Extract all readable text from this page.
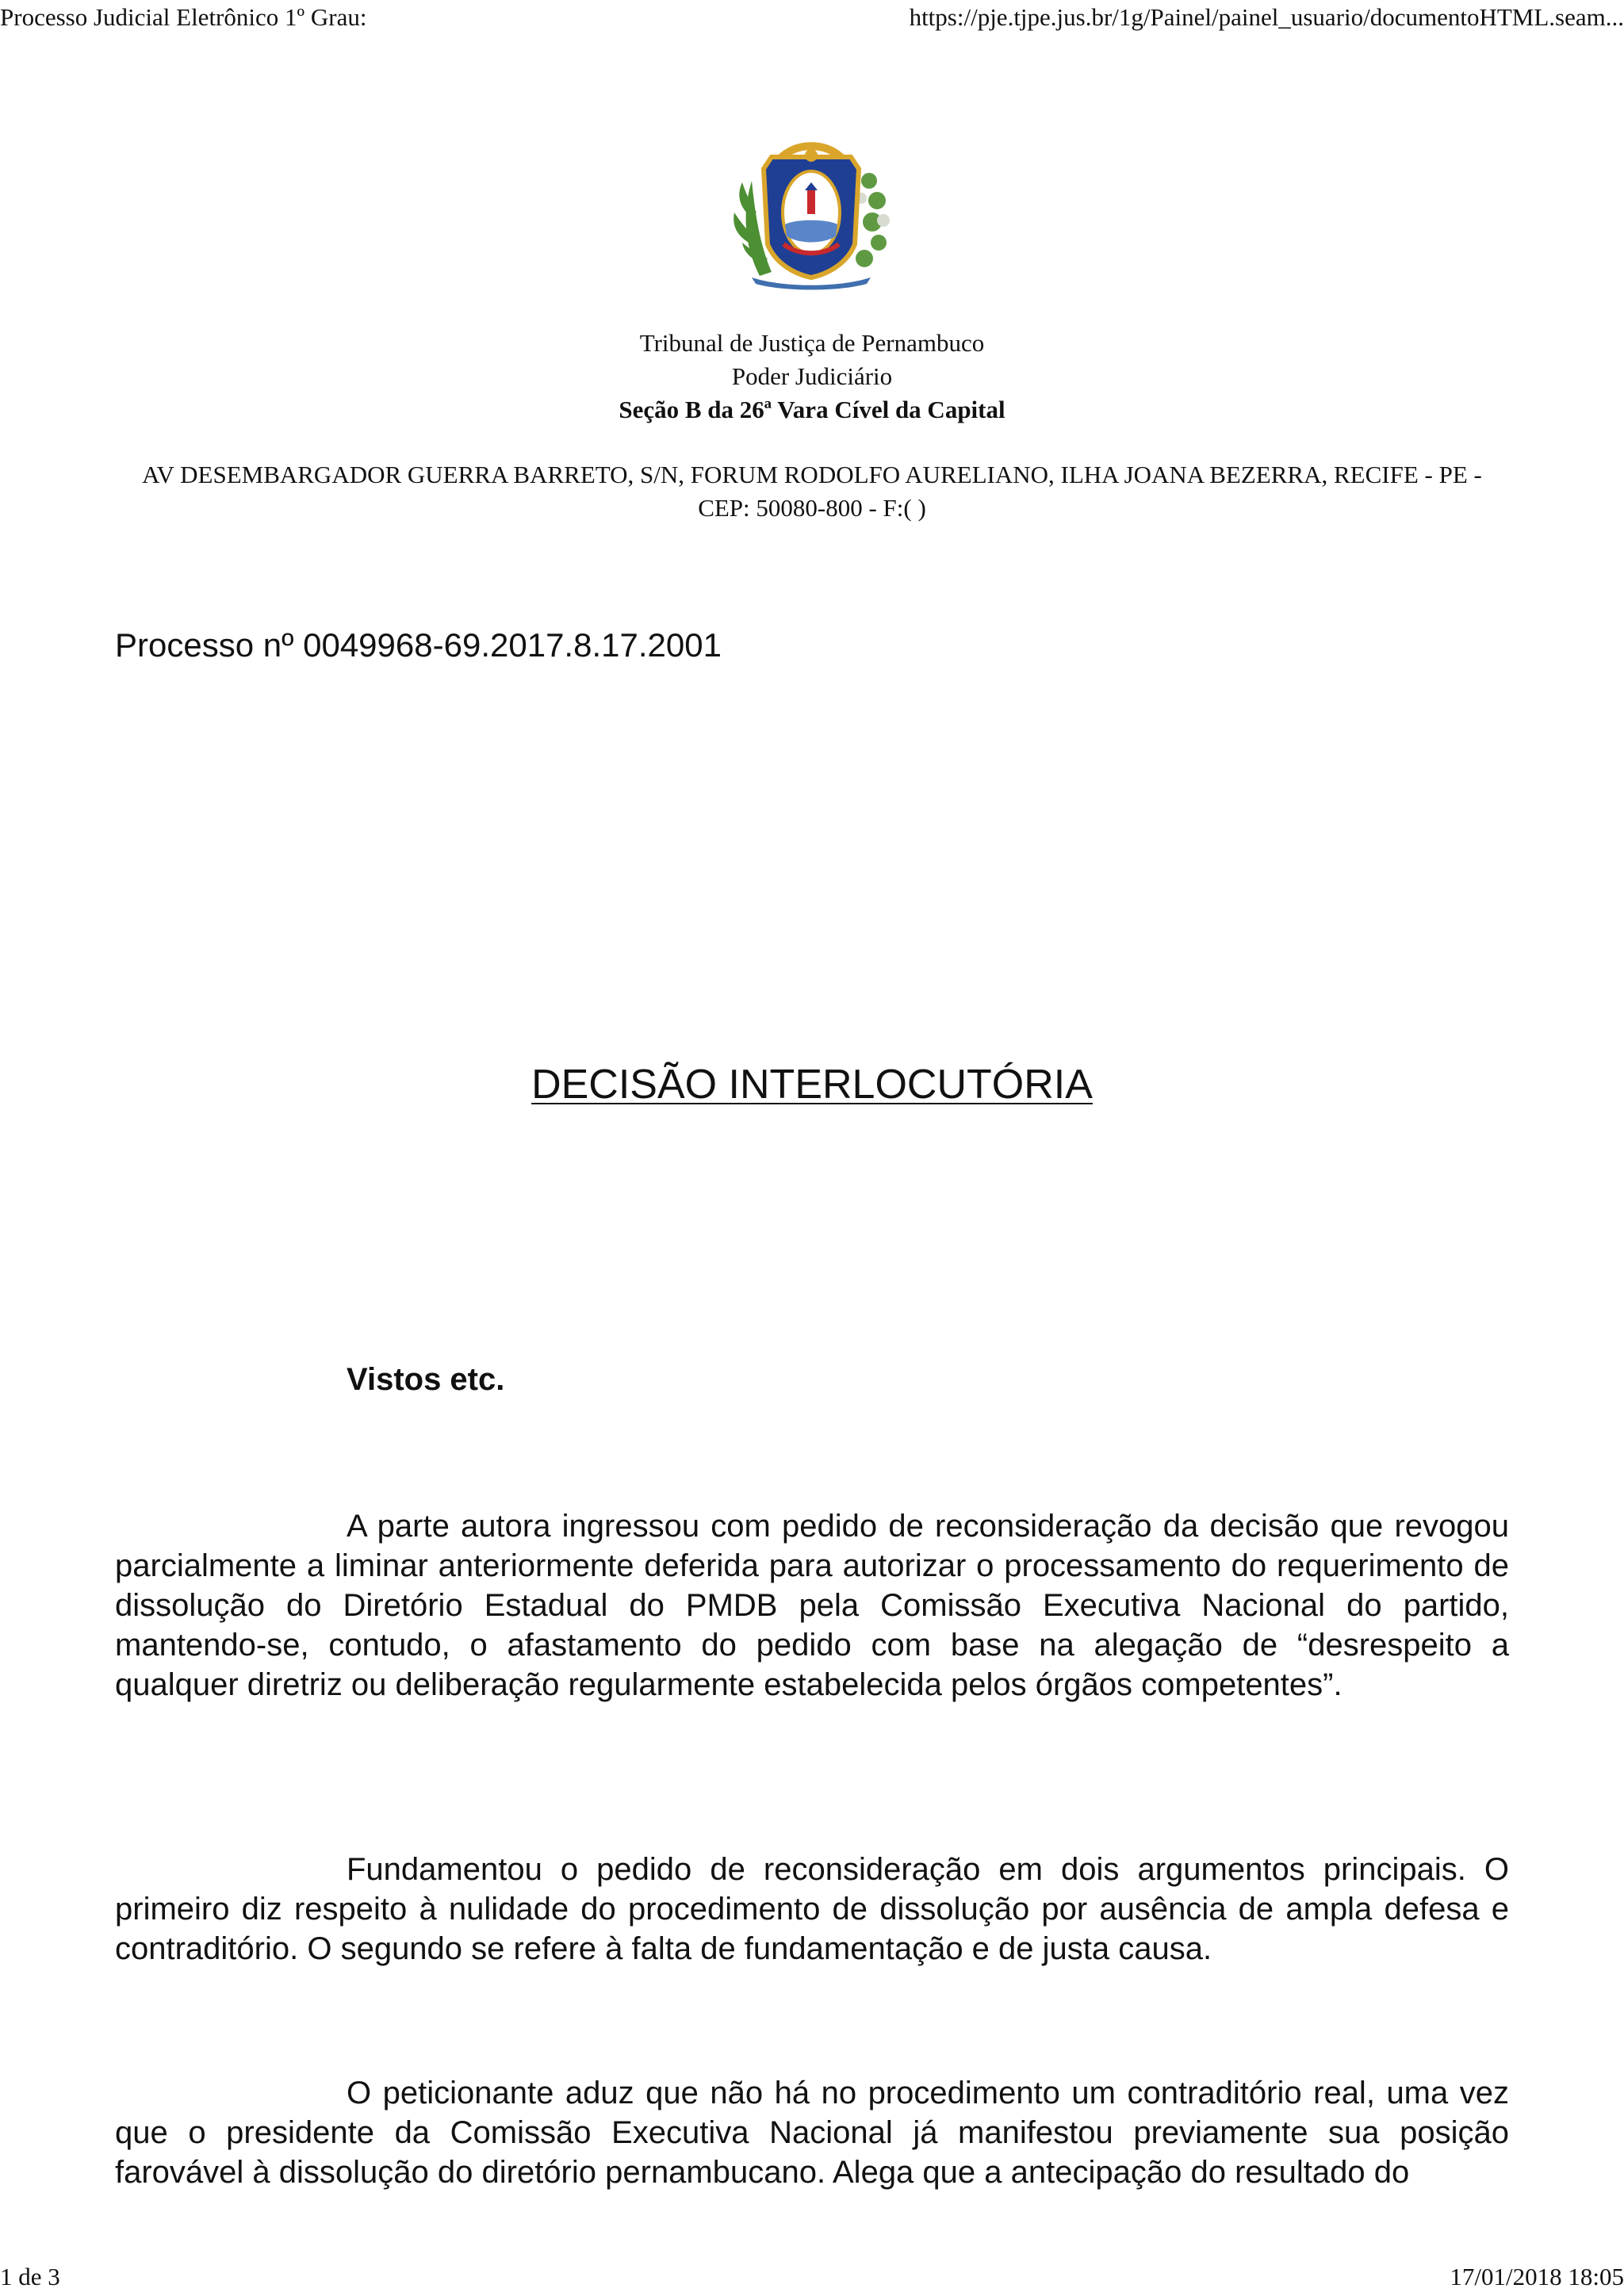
Processo Judicial Eletrônico 1º Grau:	https://pje.tjpe.jus.br/1g/Painel/painel_usuario/documentoHTML.seam...
Tribunal de Justiça de Pernambuco
Poder Judiciário
Seção B da 26ª Vara Cível da Capital
AV DESEMBARGADOR GUERRA BARRETO, S/N, FORUM RODOLFO AURELIANO, ILHA JOANA BEZERRA, RECIFE - PE - CEP: 50080-800 - F:( )
Processo nº 0049968-69.2017.8.17.2001
DECISÃO INTERLOCUTÓRIA
Vistos etc.

A parte autora ingressou com pedido de reconsideração da decisão que revogou parcialmente a liminar anteriormente deferida para autorizar o processamento do requerimento de dissolução do Diretório Estadual do PMDB pela Comissão Executiva Nacional do partido, mantendo-se, contudo, o afastamento do pedido com base na alegação de “desrespeito a qualquer diretriz ou deliberação regularmente estabelecida pelos órgãos competentes”.

Fundamentou o pedido de reconsideração em dois argumentos principais. O primeiro diz respeito à nulidade do procedimento de dissolução por ausência de ampla defesa e contraditório. O segundo se refere à falta de fundamentação e de justa causa.

O peticionante aduz que não há no procedimento um contraditório real, uma vez que o presidente da Comissão Executiva Nacional já manifestou previamente sua posição farovável à dissolução do diretório pernambucano. Alega que a antecipação do resultado do

1 de 3	17/01/2018 18:05
